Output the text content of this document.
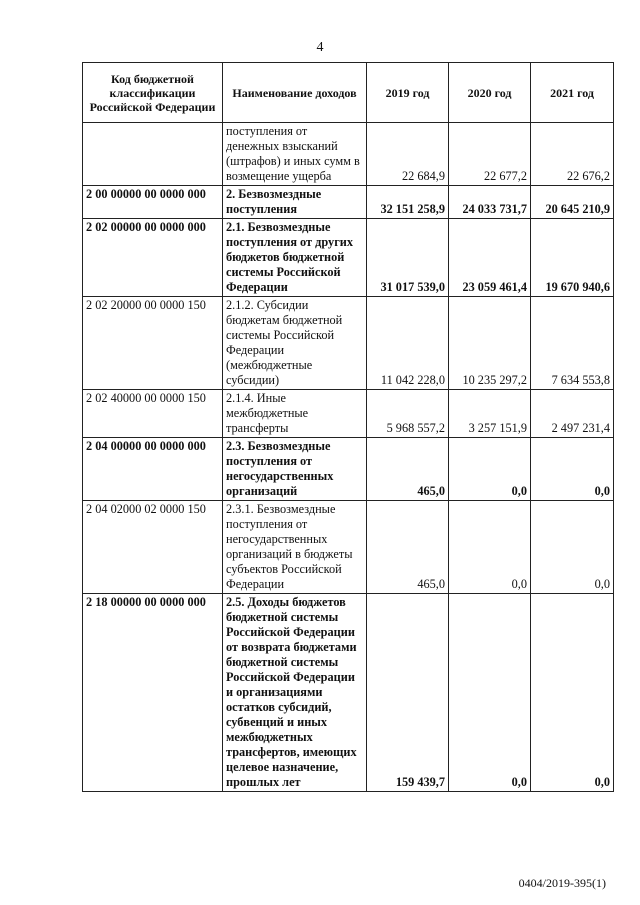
4
Код бюджетной классификации Российской Федерации	Наименование доходов	2019 год	2020 год	2021 год
	поступления от денежных взысканий (штрафов) и иных сумм в возмещение ущерба	22 684,9	22 677,2	22 676,2
2 00 00000 00 0000 000	2. Безвозмездные поступления	32 151 258,9	24 033 731,7	20 645 210,9
2 02 00000 00 0000 000	2.1. Безвозмездные поступления от других бюджетов бюджетной системы Российской Федерации	31 017 539,0	23 059 461,4	19 670 940,6
2 02 20000 00 0000 150	2.1.2. Субсидии бюджетам бюджетной системы Российской Федерации (межбюджетные субсидии)	11 042 228,0	10 235 297,2	7 634 553,8
2 02 40000 00 0000 150	2.1.4. Иные межбюджетные трансферты	5 968 557,2	3 257 151,9	2 497 231,4
2 04 00000 00 0000 000	2.3. Безвозмездные поступления от негосударственных организаций	465,0	0,0	0,0
2 04 02000 02 0000 150	2.3.1. Безвозмездные поступления от негосударственных организаций в бюджеты субъектов Российской Федерации	465,0	0,0	0,0
2 18 00000 00 0000 000	2.5. Доходы бюджетов бюджетной системы Российской Федерации от возврата бюджетами бюджетной системы Российской Федерации и организациями остатков субсидий, субвенций и иных межбюджетных трансфертов, имеющих целевое назначение, прошлых лет	159 439,7	0,0	0,0
0404/2019-395(1)
